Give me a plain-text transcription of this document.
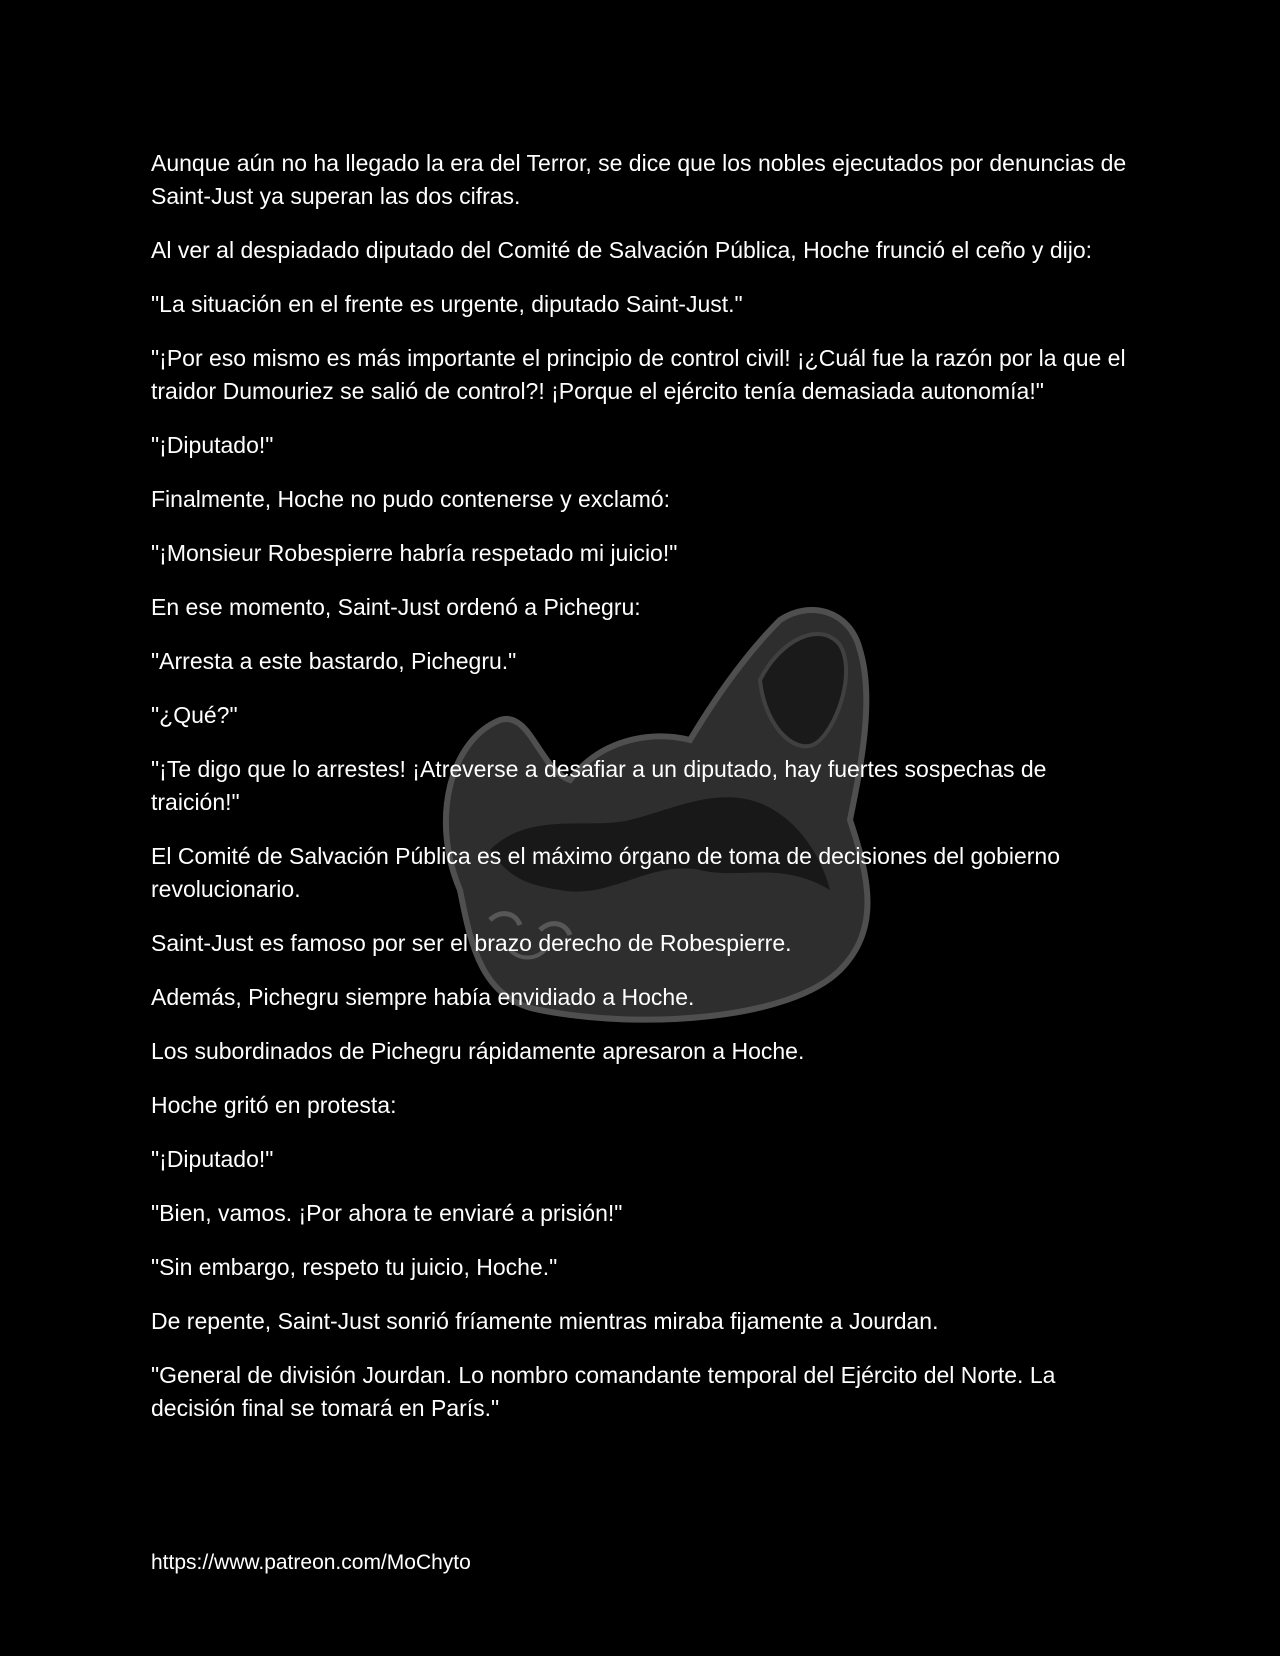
Aunque aún no ha llegado la era del Terror, se dice que los nobles ejecutados por denuncias de Saint-Just ya superan las dos cifras.

Al ver al despiadado diputado del Comité de Salvación Pública, Hoche frunció el ceño y dijo:

"La situación en el frente es urgente, diputado Saint-Just."

"¡Por eso mismo es más importante el principio de control civil! ¡¿Cuál fue la razón por la que el traidor Dumouriez se salió de control?! ¡Porque el ejército tenía demasiada autonomía!"

"¡Diputado!"

Finalmente, Hoche no pudo contenerse y exclamó:

"¡Monsieur Robespierre habría respetado mi juicio!"

En ese momento, Saint-Just ordenó a Pichegru:

"Arresta a este bastardo, Pichegru."

"¿Qué?"

"¡Te digo que lo arrestes! ¡Atreverse a desafiar a un diputado, hay fuertes sospechas de traición!"

El Comité de Salvación Pública es el máximo órgano de toma de decisiones del gobierno revolucionario.

Saint-Just es famoso por ser el brazo derecho de Robespierre.

Además, Pichegru siempre había envidiado a Hoche.

Los subordinados de Pichegru rápidamente apresaron a Hoche.

Hoche gritó en protesta:

"¡Diputado!"

"Bien, vamos. ¡Por ahora te enviaré a prisión!"

"Sin embargo, respeto tu juicio, Hoche."

De repente, Saint-Just sonrió fríamente mientras miraba fijamente a Jourdan.

"General de división Jourdan. Lo nombro comandante temporal del Ejército del Norte. La decisión final se tomará en París."

https://www.patreon.com/MoChyto
